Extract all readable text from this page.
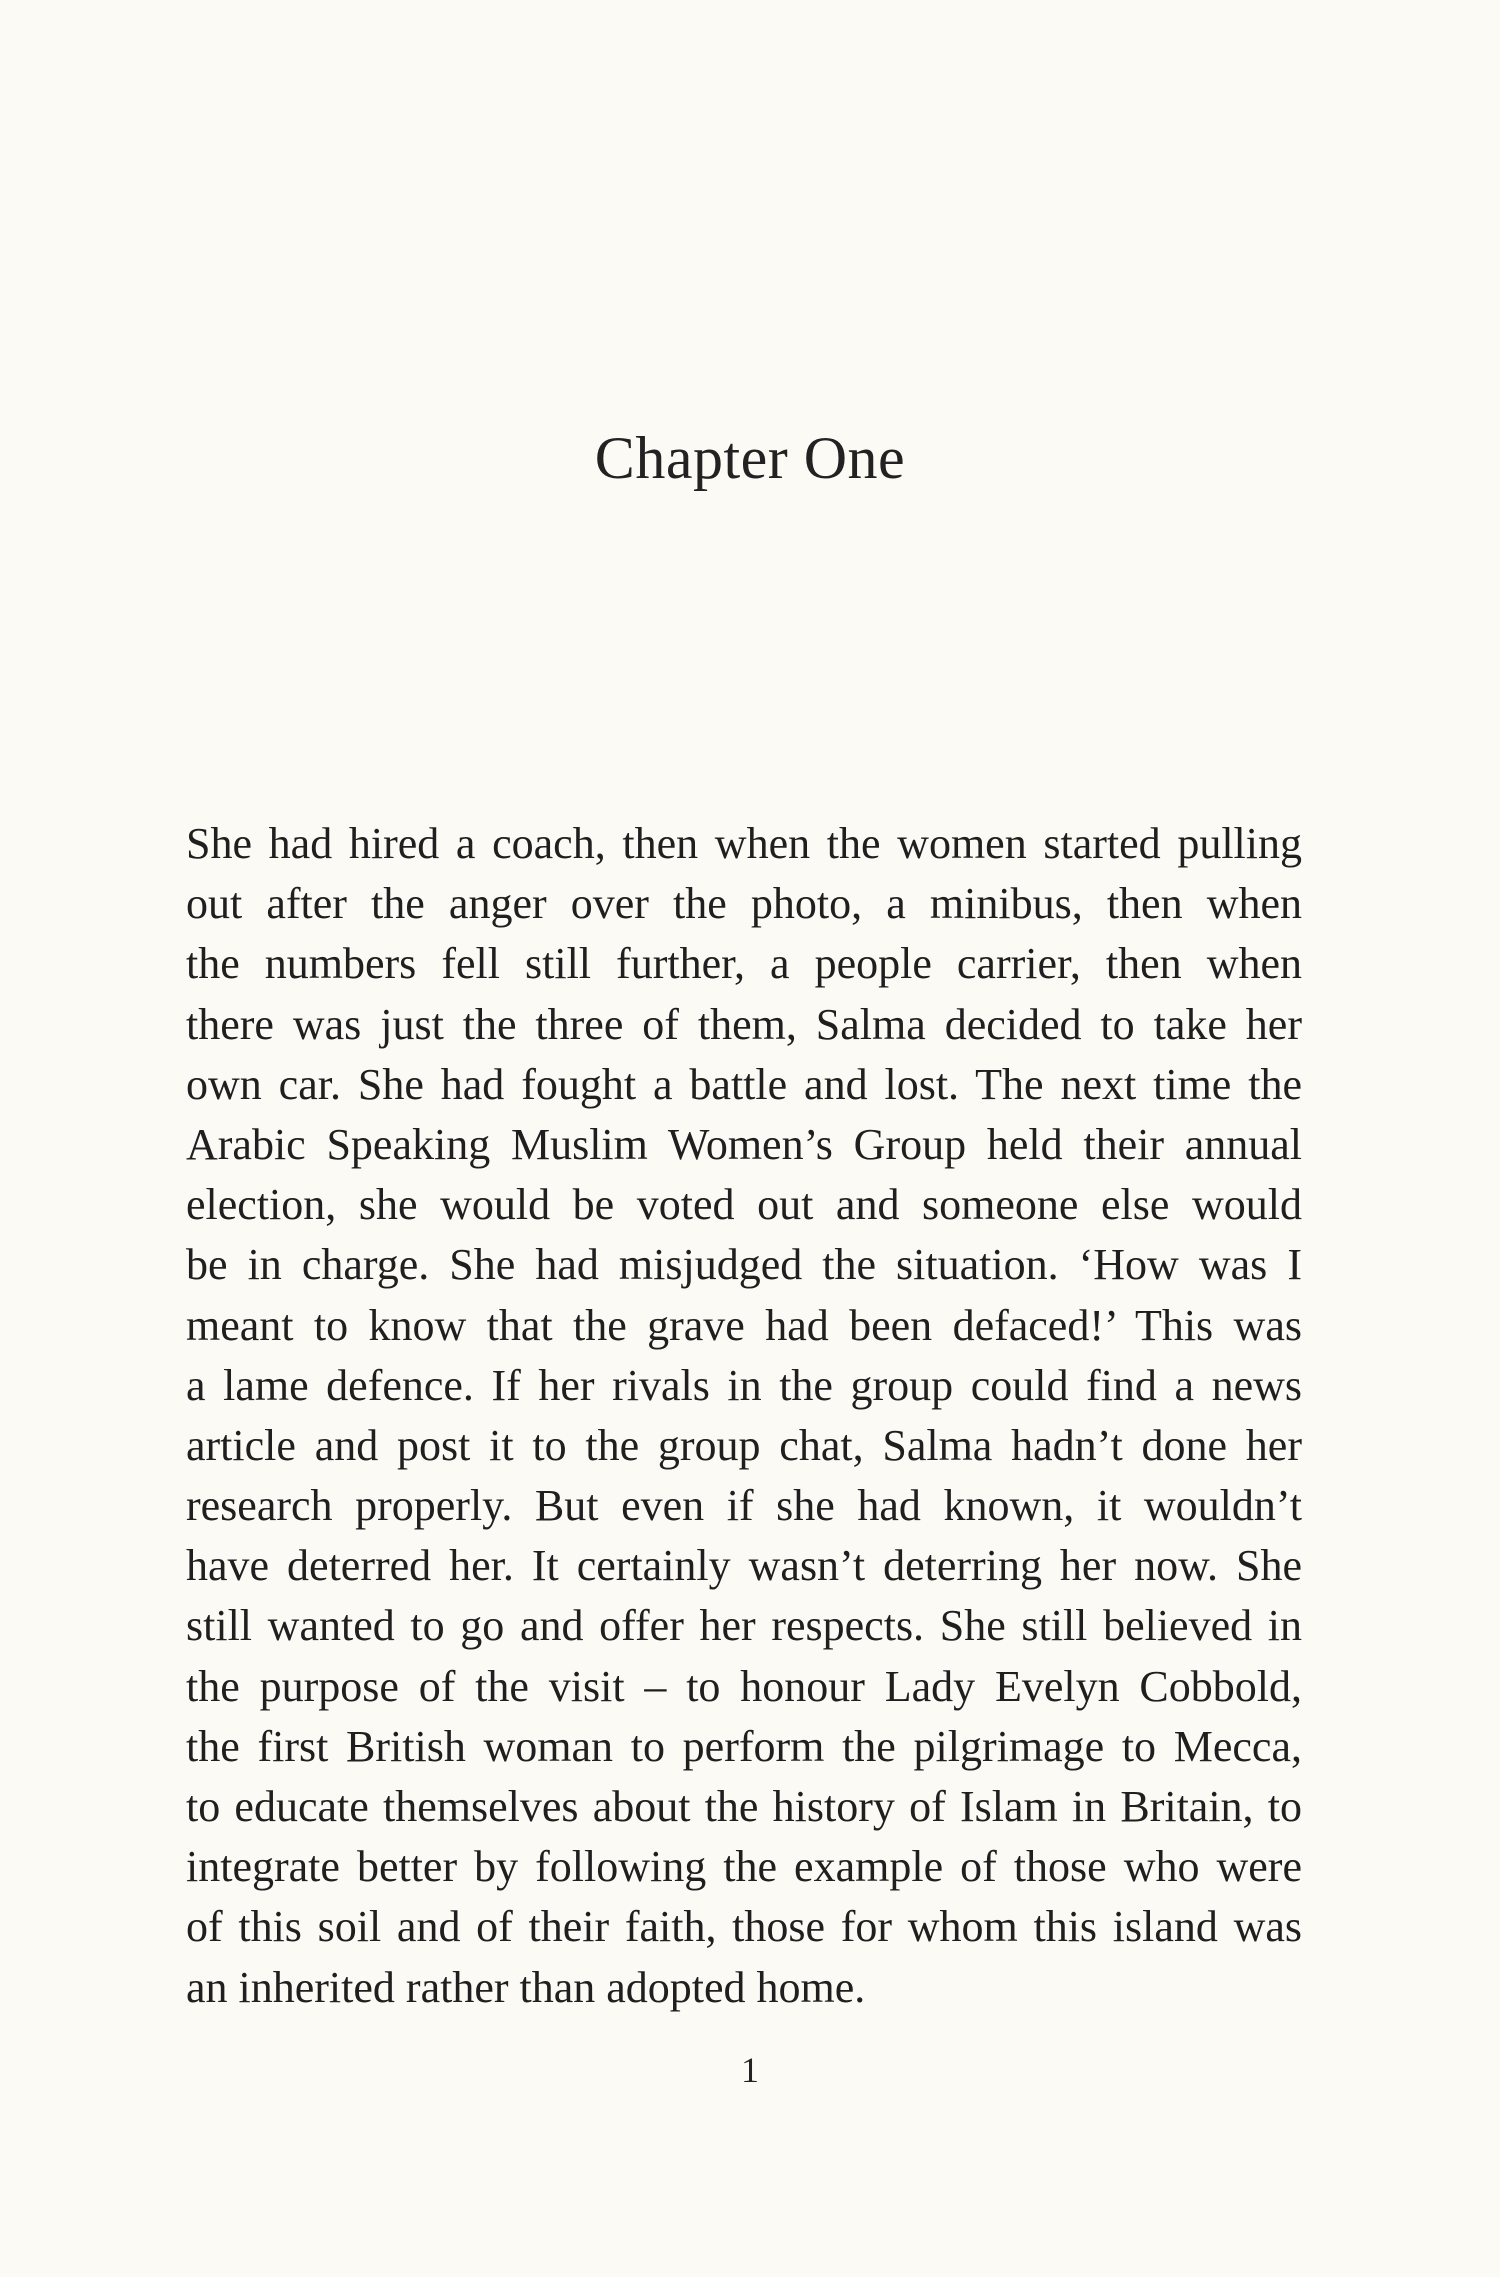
Chapter One
She had hired a coach, then when the women started pulling
out after the anger over the photo, a minibus, then when
the numbers fell still further, a people carrier, then when
there was just the three of them, Salma decided to take her
own car. She had fought a battle and lost. The next time the
Arabic Speaking Muslim Women’s Group held their annual
election, she would be voted out and someone else would
be in charge. She had misjudged the situation. ‘How was I
meant to know that the grave had been defaced!’ This was
a lame defence. If her rivals in the group could find a news
article and post it to the group chat, Salma hadn’t done her
research properly. But even if she had known, it wouldn’t
have deterred her. It certainly wasn’t deterring her now. She
still wanted to go and offer her respects. She still believed in
the purpose of the visit – to honour Lady Evelyn Cobbold,
the first British woman to perform the pilgrimage to Mecca,
to educate themselves about the history of Islam in Britain, to
integrate better by following the example of those who were
of this soil and of their faith, those for whom this island was
an inherited rather than adopted home.
1
